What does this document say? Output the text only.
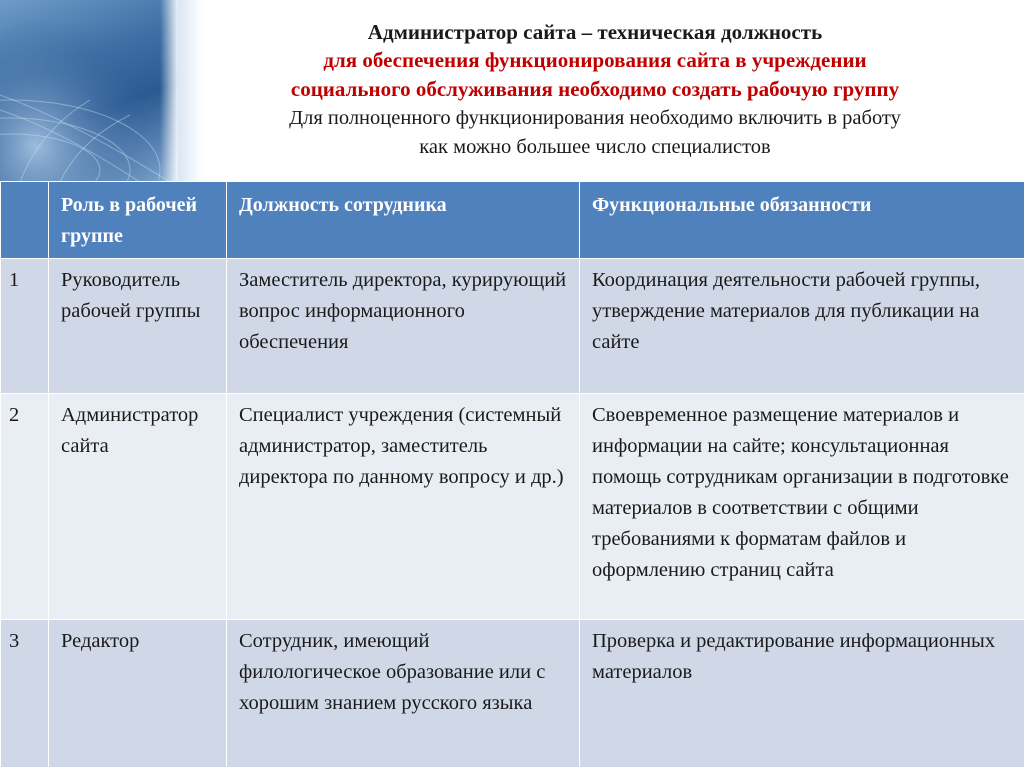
Администратор сайта – техническая должность
для обеспечения функционирования сайта в учреждении
социального обслуживания необходимо создать рабочую группу
Для полноценного функционирования необходимо включить в работу
как можно большее число специалистов
	Роль в рабочей группе	Должность сотрудника	Функциональные обязанности
1	Руководитель рабочей группы	Заместитель директора, курирующий вопрос информационного обеспечения	Координация деятельности рабочей группы, утверждение материалов для публикации на сайте
2	Администратор сайта	Специалист учреждения (системный администратор, заместитель директора по данному вопросу и др.)	Своевременное размещение материалов и информации на сайте; консультационная помощь сотрудникам организации в подготовке материалов в соответствии с общими требованиями к форматам файлов и оформлению страниц сайта
3	Редактор	Сотрудник, имеющий филологическое образование или с хорошим знанием русского языка	Проверка и редактирование информационных материалов
